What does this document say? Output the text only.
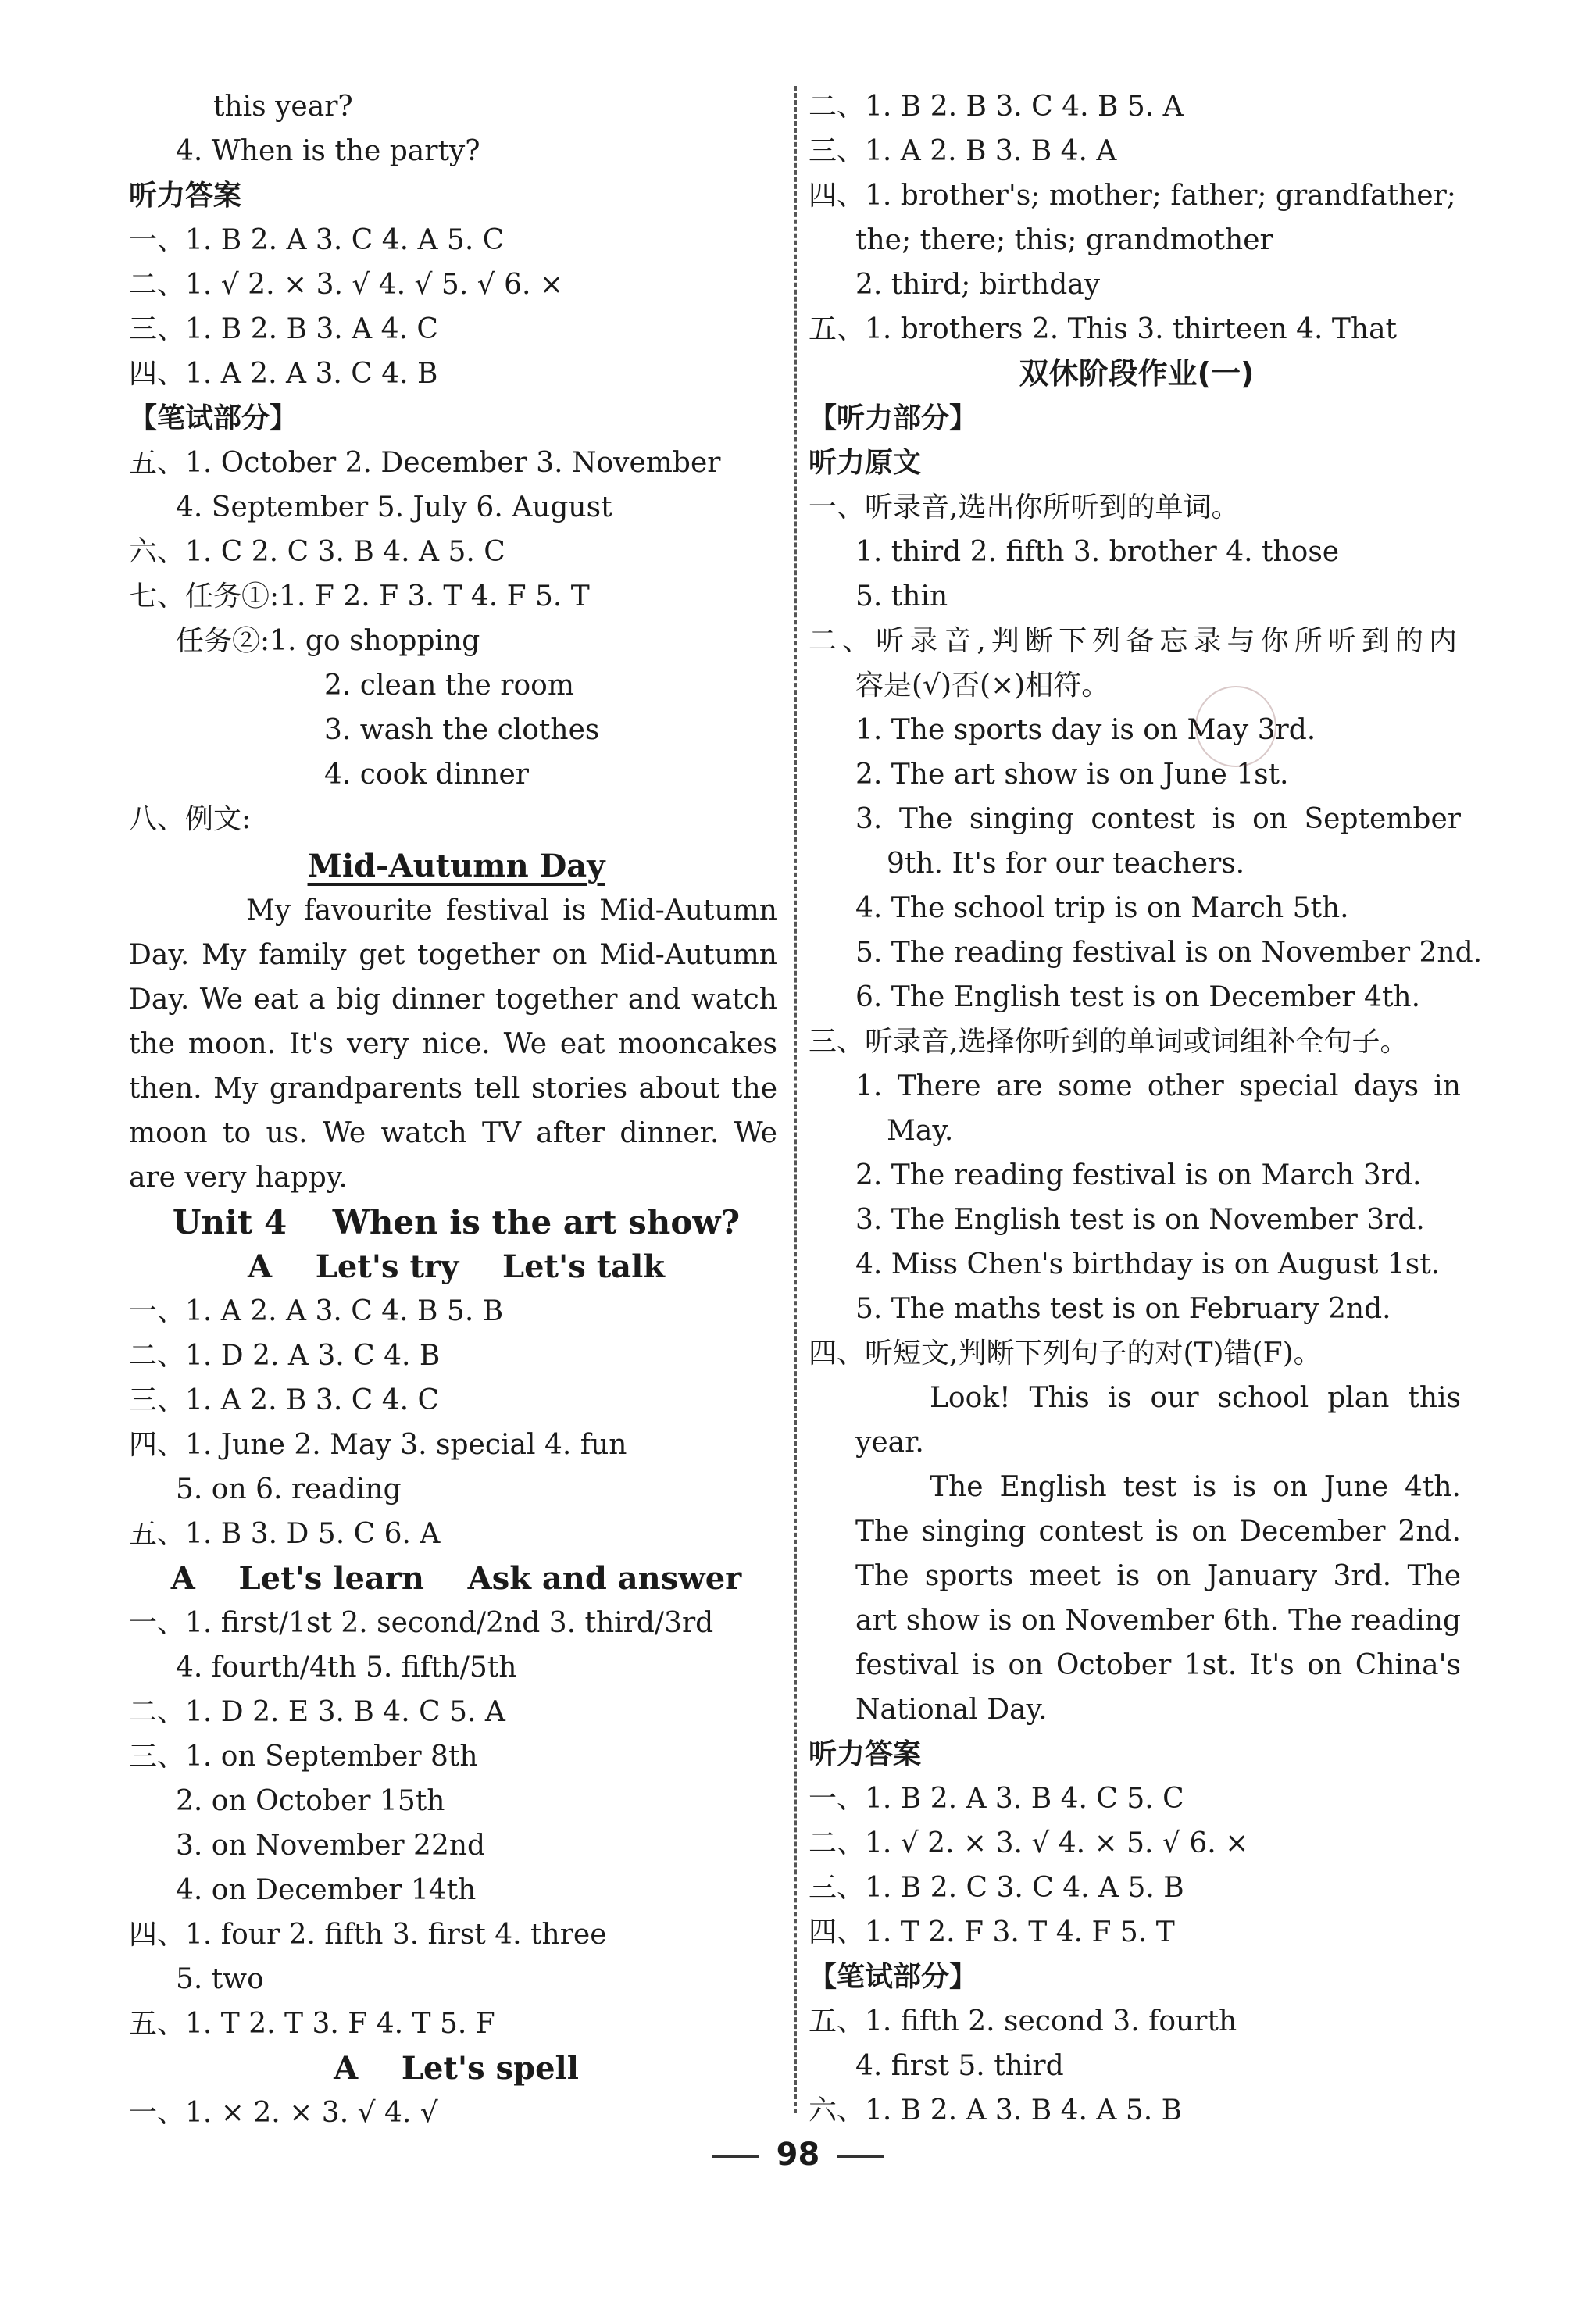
this year?
4. When is the party?
听力答案
一、1. B 2. A 3. C 4. A 5. C
二、1. √ 2. × 3. √ 4. √ 5. √ 6. ×
三、1. B 2. B 3. A 4. C
四、1. A 2. A 3. C 4. B
【笔试部分】
五、1. October 2. December 3. November
4. September 5. July 6. August
六、1. C 2. C 3. B 4. A 5. C
七、任务①:1. F 2. F 3. T 4. F 5. T
任务②:1. go shopping
2. clean the room
3. wash the clothes
4. cook dinner
八、例文:
Mid-Autumn Day
My favourite festival is Mid-Autumn
Day. My family get together on Mid-Autumn
Day. We eat a big dinner together and watch
the moon. It's very nice. We eat mooncakes
then. My grandparents tell stories about the
moon to us. We watch TV after dinner. We
are very happy.
Unit 4    When is the art show?
A    Let's try    Let's talk
一、1. A 2. A 3. C 4. B 5. B
二、1. D 2. A 3. C 4. B
三、1. A 2. B 3. C 4. C
四、1. June 2. May 3. special 4. fun
5. on 6. reading
五、1. B 3. D 5. C 6. A
A    Let's learn    Ask and answer
一、1. first/1st 2. second/2nd 3. third/3rd
4. fourth/4th 5. fifth/5th
二、1. D 2. E 3. B 4. C 5. A
三、1. on September 8th
2. on October 15th
3. on November 22nd
4. on December 14th
四、1. four 2. fifth 3. first 4. three
5. two
五、1. T 2. T 3. F 4. T 5. F
A    Let's spell
一、1. × 2. × 3. √ 4. √
二、1. B 2. B 3. C 4. B 5. A
三、1. A 2. B 3. B 4. A
四、1. brother's; mother; father; grandfather;
the; there; this; grandmother
2. third; birthday
五、1. brothers 2. This 3. thirteen 4. That
双休阶段作业(一)
【听力部分】
听力原文
一、听录音,选出你所听到的单词。
1. third 2. fifth 3. brother 4. those
5. thin
二、听录音,判断下列备忘录与你所听到的内
容是(√)否(×)相符。
1. The sports day is on May 3rd.
2. The art show is on June 1st.
3. The singing contest is on September
9th. It's for our teachers.
4. The school trip is on March 5th.
5. The reading festival is on November 2nd.
6. The English test is on December 4th.
三、听录音,选择你听到的单词或词组补全句子。
1. There are some other special days in
May.
2. The reading festival is on March 3rd.
3. The English test is on November 3rd.
4. Miss Chen's birthday is on August 1st.
5. The maths test is on February 2nd.
四、听短文,判断下列句子的对(T)错(F)。
Look! This is our school plan this
year.
The English test is is on June 4th.
The singing contest is on December 2nd.
The sports meet is on January 3rd. The
art show is on November 6th. The reading
festival is on October 1st. It's on China's
National Day.
听力答案
一、1. B 2. A 3. B 4. C 5. C
二、1. √ 2. × 3. √ 4. × 5. √ 6. ×
三、1. B 2. C 3. C 4. A 5. B
四、1. T 2. F 3. T 4. F 5. T
【笔试部分】
五、1. fifth 2. second 3. fourth
4. first 5. third
六、1. B 2. A 3. B 4. A 5. B
98
